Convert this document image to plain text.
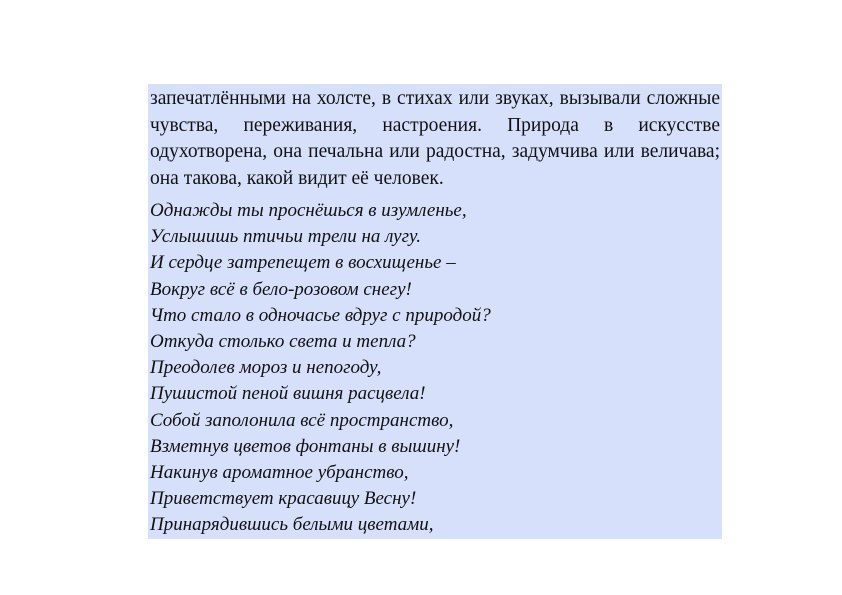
запечатлёнными на холсте, в стихах или звуках, вызывали сложные чувства, переживания, настроения. Природа в искусстве одухотворена, она печальна или радостна, задумчива или величава; она такова, какой видит её человек.

Однажды ты проснёшься в изумленье,
Услышишь птичьи трели на лугу.
И сердце затрепещет в восхищенье –
Вокруг всё в бело-розовом снегу!
Что стало в одночасье вдруг с природой?
Откуда столько света и тепла?
Преодолев мороз и непогоду,
Пушистой пеной вишня расцвела!
Собой заполонила всё пространство,
Взметнув цветов фонтаны в вышину!
Накинув ароматное убранство,
Приветствует красавицу Весну!
Принарядившись белыми цветами,
